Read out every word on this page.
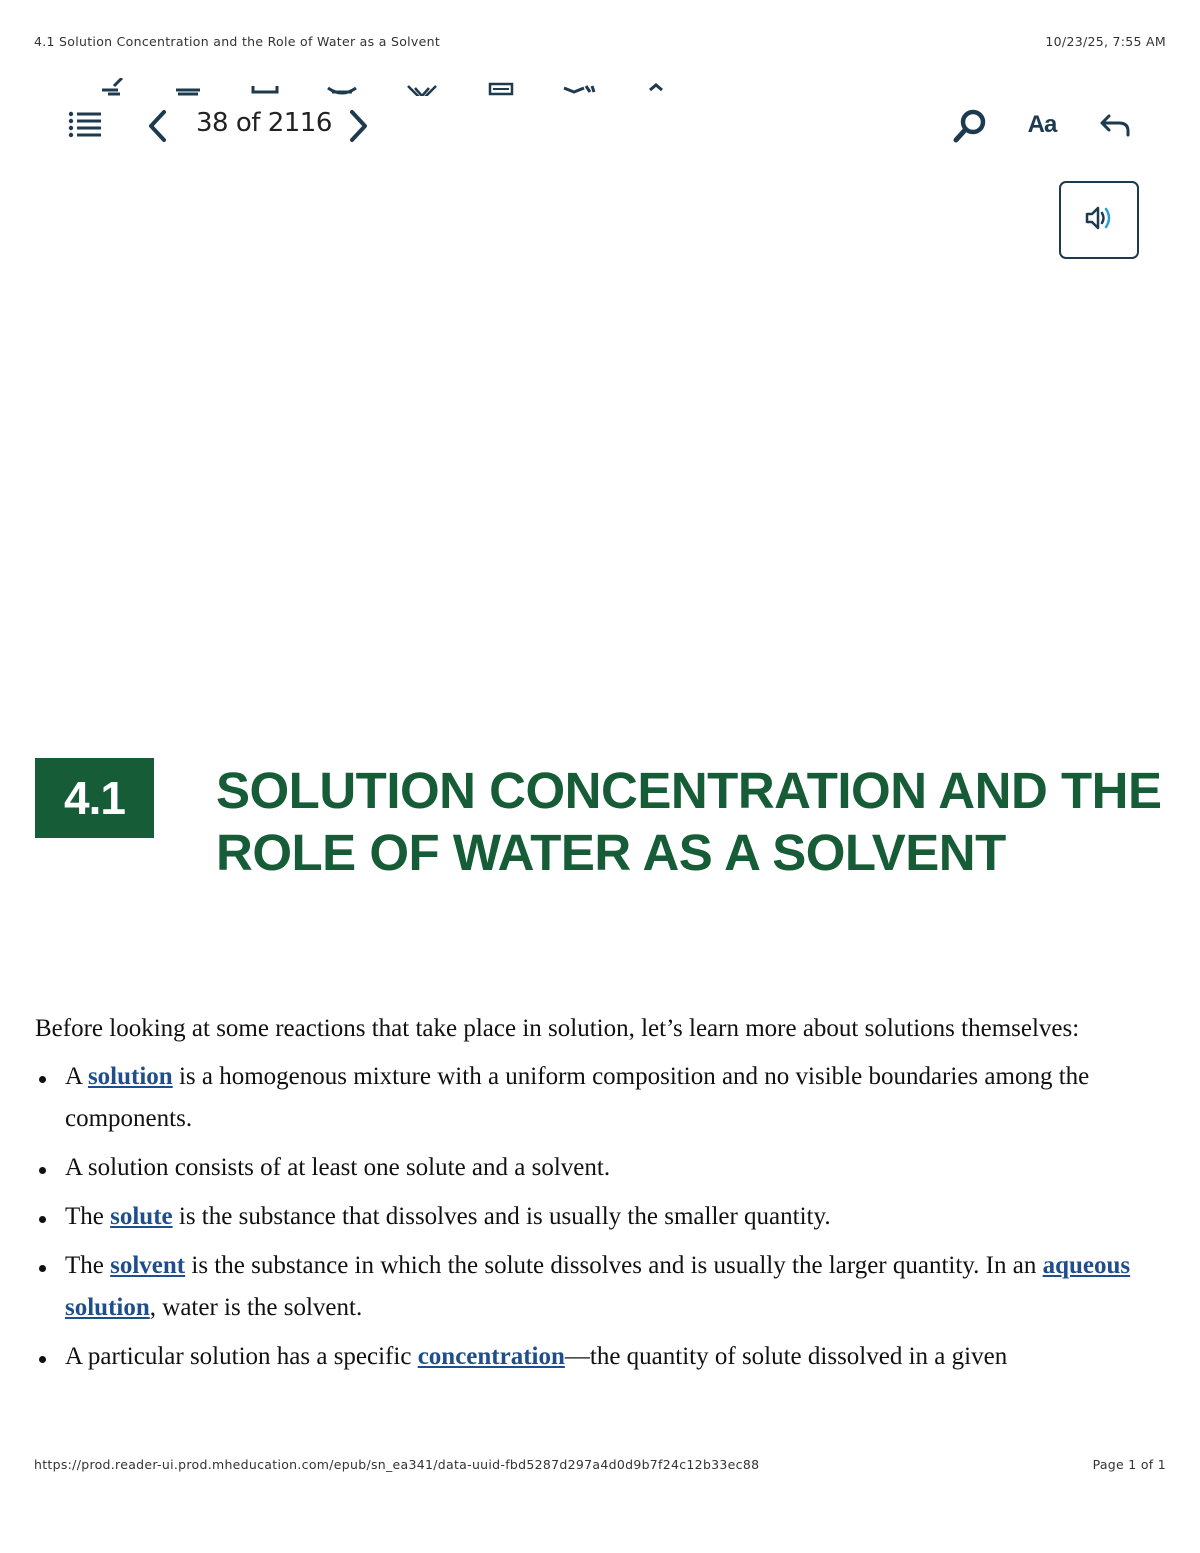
4.1 Solution Concentration and the Role of Water as a Solvent	10/23/25, 7:55 AM
Aa
38 of 2116
4.1	SOLUTION CONCENTRATION AND THE ROLE OF WATER AS A SOLVENT

Before looking at some reactions that take place in solution, let’s learn more about solutions themselves:

A solution is a homogenous mixture with a uniform composition and no visible boundaries among the components.
A solution consists of at least one solute and a solvent.
The solute is the substance that dissolves and is usually the smaller quantity.
The solvent is the substance in which the solute dissolves and is usually the larger quantity. In an aqueous solution, water is the solvent.
A particular solution has a specific concentration—the quantity of solute dissolved in a given
https://prod.reader-ui.prod.mheducation.com/epub/sn_ea341/data-uuid-fbd5287d297a4d0d9b7f24c12b33ec88	Page 1 of 1
